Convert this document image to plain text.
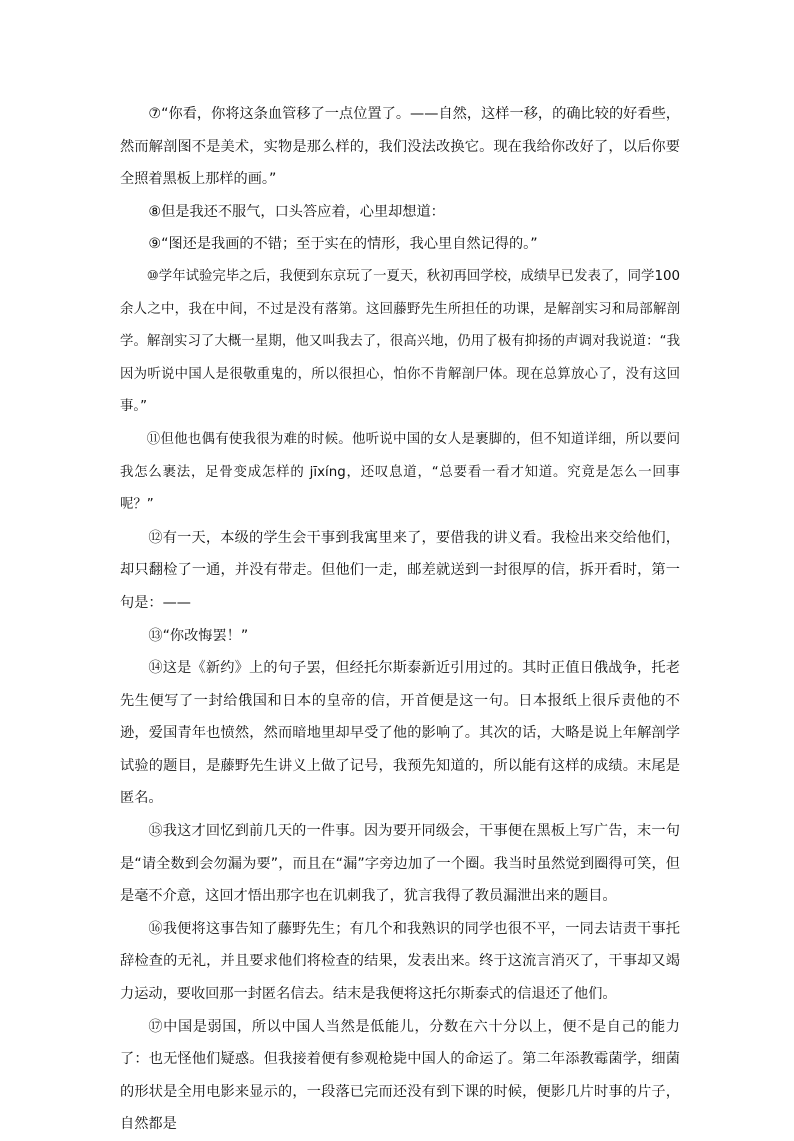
⑦“你看，你将这条血管移了一点位置了。——自然，这样一移，的确比较的好看些，然而解剖图不是美术，实物是那么样的，我们没法改换它。现在我给你改好了，以后你要全照着黑板上那样的画。”

⑧但是我还不服气，口头答应着，心里却想道：

⑨“图还是我画的不错；至于实在的情形，我心里自然记得的。”

⑩学年试验完毕之后，我便到东京玩了一夏天，秋初再回学校，成绩早已发表了，同学100余人之中，我在中间，不过是没有落第。这回藤野先生所担任的功课，是解剖实习和局部解剖学。解剖实习了大概一星期，他又叫我去了，很高兴地，仍用了极有抑扬的声调对我说道：“我因为听说中国人是很敬重鬼的，所以很担心，怕你不肯解剖尸体。现在总算放心了，没有这回事。”

⑪但他也偶有使我很为难的时候。他听说中国的女人是裹脚的，但不知道详细，所以要问我怎么裹法，足骨变成怎样的 jīxíng，还叹息道，“总要看一看才知道。究竟是怎么一回事呢？”

⑫有一天，本级的学生会干事到我寓里来了，要借我的讲义看。我检出来交给他们，却只翻检了一通，并没有带走。但他们一走，邮差就送到一封很厚的信，拆开看时，第一句是：——

⑬“你改悔罢！”

⑭这是《新约》上的句子罢，但经托尔斯泰新近引用过的。其时正值日俄战争，托老先生便写了一封给俄国和日本的皇帝的信，开首便是这一句。日本报纸上很斥责他的不逊，爱国青年也愤然，然而暗地里却早受了他的影响了。其次的话，大略是说上年解剖学试验的题目，是藤野先生讲义上做了记号，我预先知道的，所以能有这样的成绩。末尾是匿名。

⑮我这才回忆到前几天的一件事。因为要开同级会，干事便在黑板上写广告，末一句是“请全数到会勿漏为要”，而且在“漏”字旁边加了一个圈。我当时虽然觉到圈得可笑，但是毫不介意，这回才悟出那字也在讥刺我了，犹言我得了教员漏泄出来的题目。

⑯我便将这事告知了藤野先生；有几个和我熟识的同学也很不平，一同去诘责干事托辞检查的无礼，并且要求他们将检查的结果，发表出来。终于这流言消灭了，干事却又竭力运动，要收回那一封匿名信去。结末是我便将这托尔斯泰式的信退还了他们。

⑰中国是弱国，所以中国人当然是低能儿，分数在六十分以上，便不是自己的能力了：也无怪他们疑惑。但我接着便有参观枪毙中国人的命运了。第二年添教霉菌学，细菌的形状是全用电影来显示的，一段落已完而还没有到下课的时候，便影几片时事的片子，自然都是
